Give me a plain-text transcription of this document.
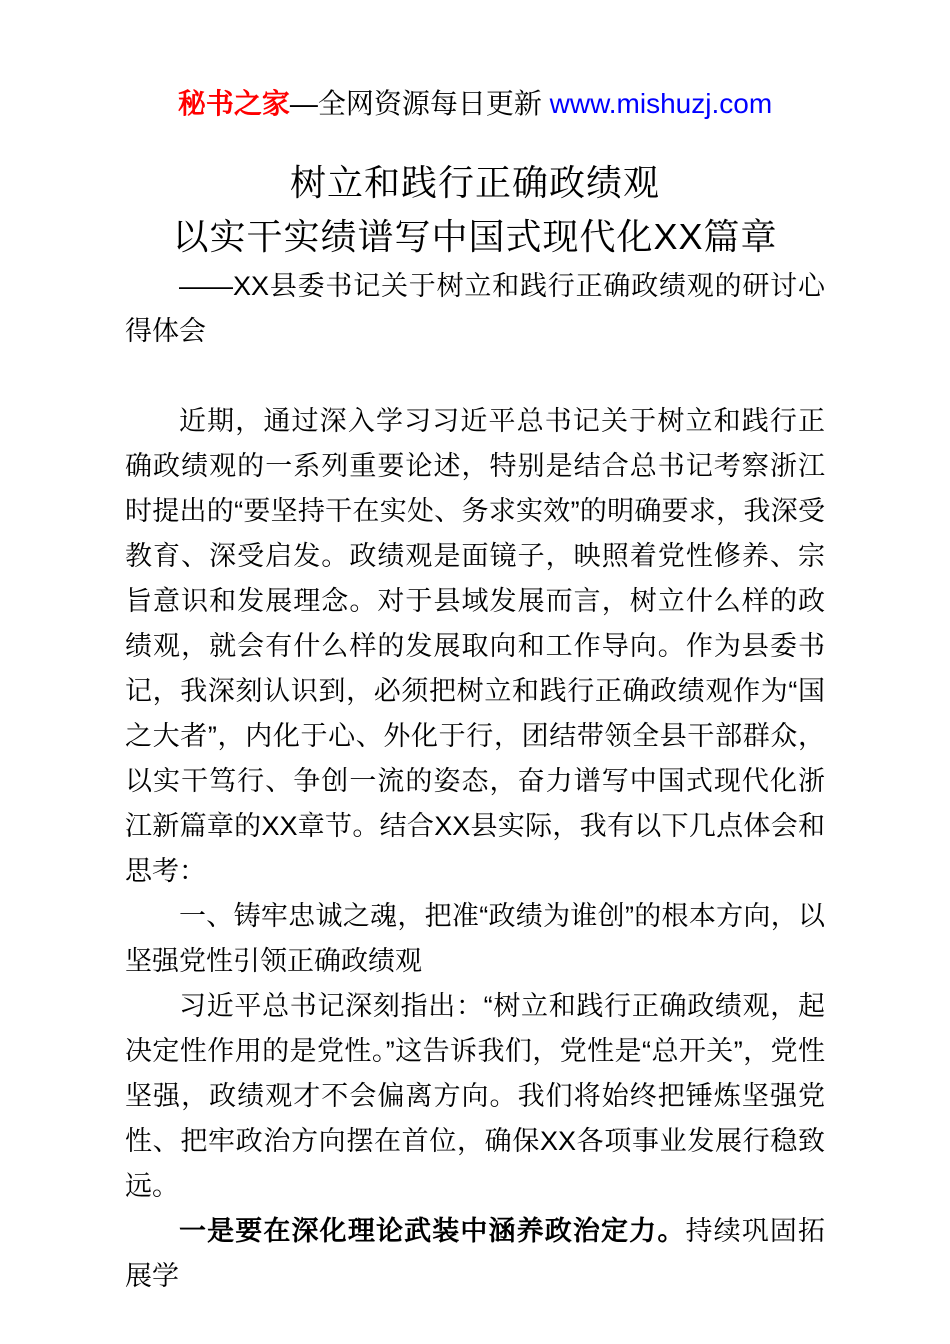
秘书之家—全网资源每日更新 www.mishuzj.com
树立和践行正确政绩观
以实干实绩谱写中国式现代化XX篇章

——XX县委书记关于树立和践行正确政绩观的研讨心得体会

近期，通过深入学习习近平总书记关于树立和践行正确政绩观的一系列重要论述，特别是结合总书记考察浙江时提出的“要坚持干在实处、务求实效”的明确要求，我深受教育、深受启发。政绩观是面镜子，映照着党性修养、宗旨意识和发展理念。对于县域发展而言，树立什么样的政绩观，就会有什么样的发展取向和工作导向。作为县委书记，我深刻认识到，必须把树立和践行正确政绩观作为“国之大者”，内化于心、外化于行，团结带领全县干部群众，以实干笃行、争创一流的姿态，奋力谱写中国式现代化浙江新篇章的XX章节。结合XX县实际，我有以下几点体会和思考：

一、铸牢忠诚之魂，把准“政绩为谁创”的根本方向，以坚强党性引领正确政绩观

习近平总书记深刻指出：“树立和践行正确政绩观，起决定性作用的是党性。”这告诉我们，党性是“总开关”，党性坚强，政绩观才不会偏离方向。我们将始终把锤炼坚强党性、把牢政治方向摆在首位，确保XX各项事业发展行稳致远。

一是要在深化理论武装中涵养政治定力。持续巩固拓展学
